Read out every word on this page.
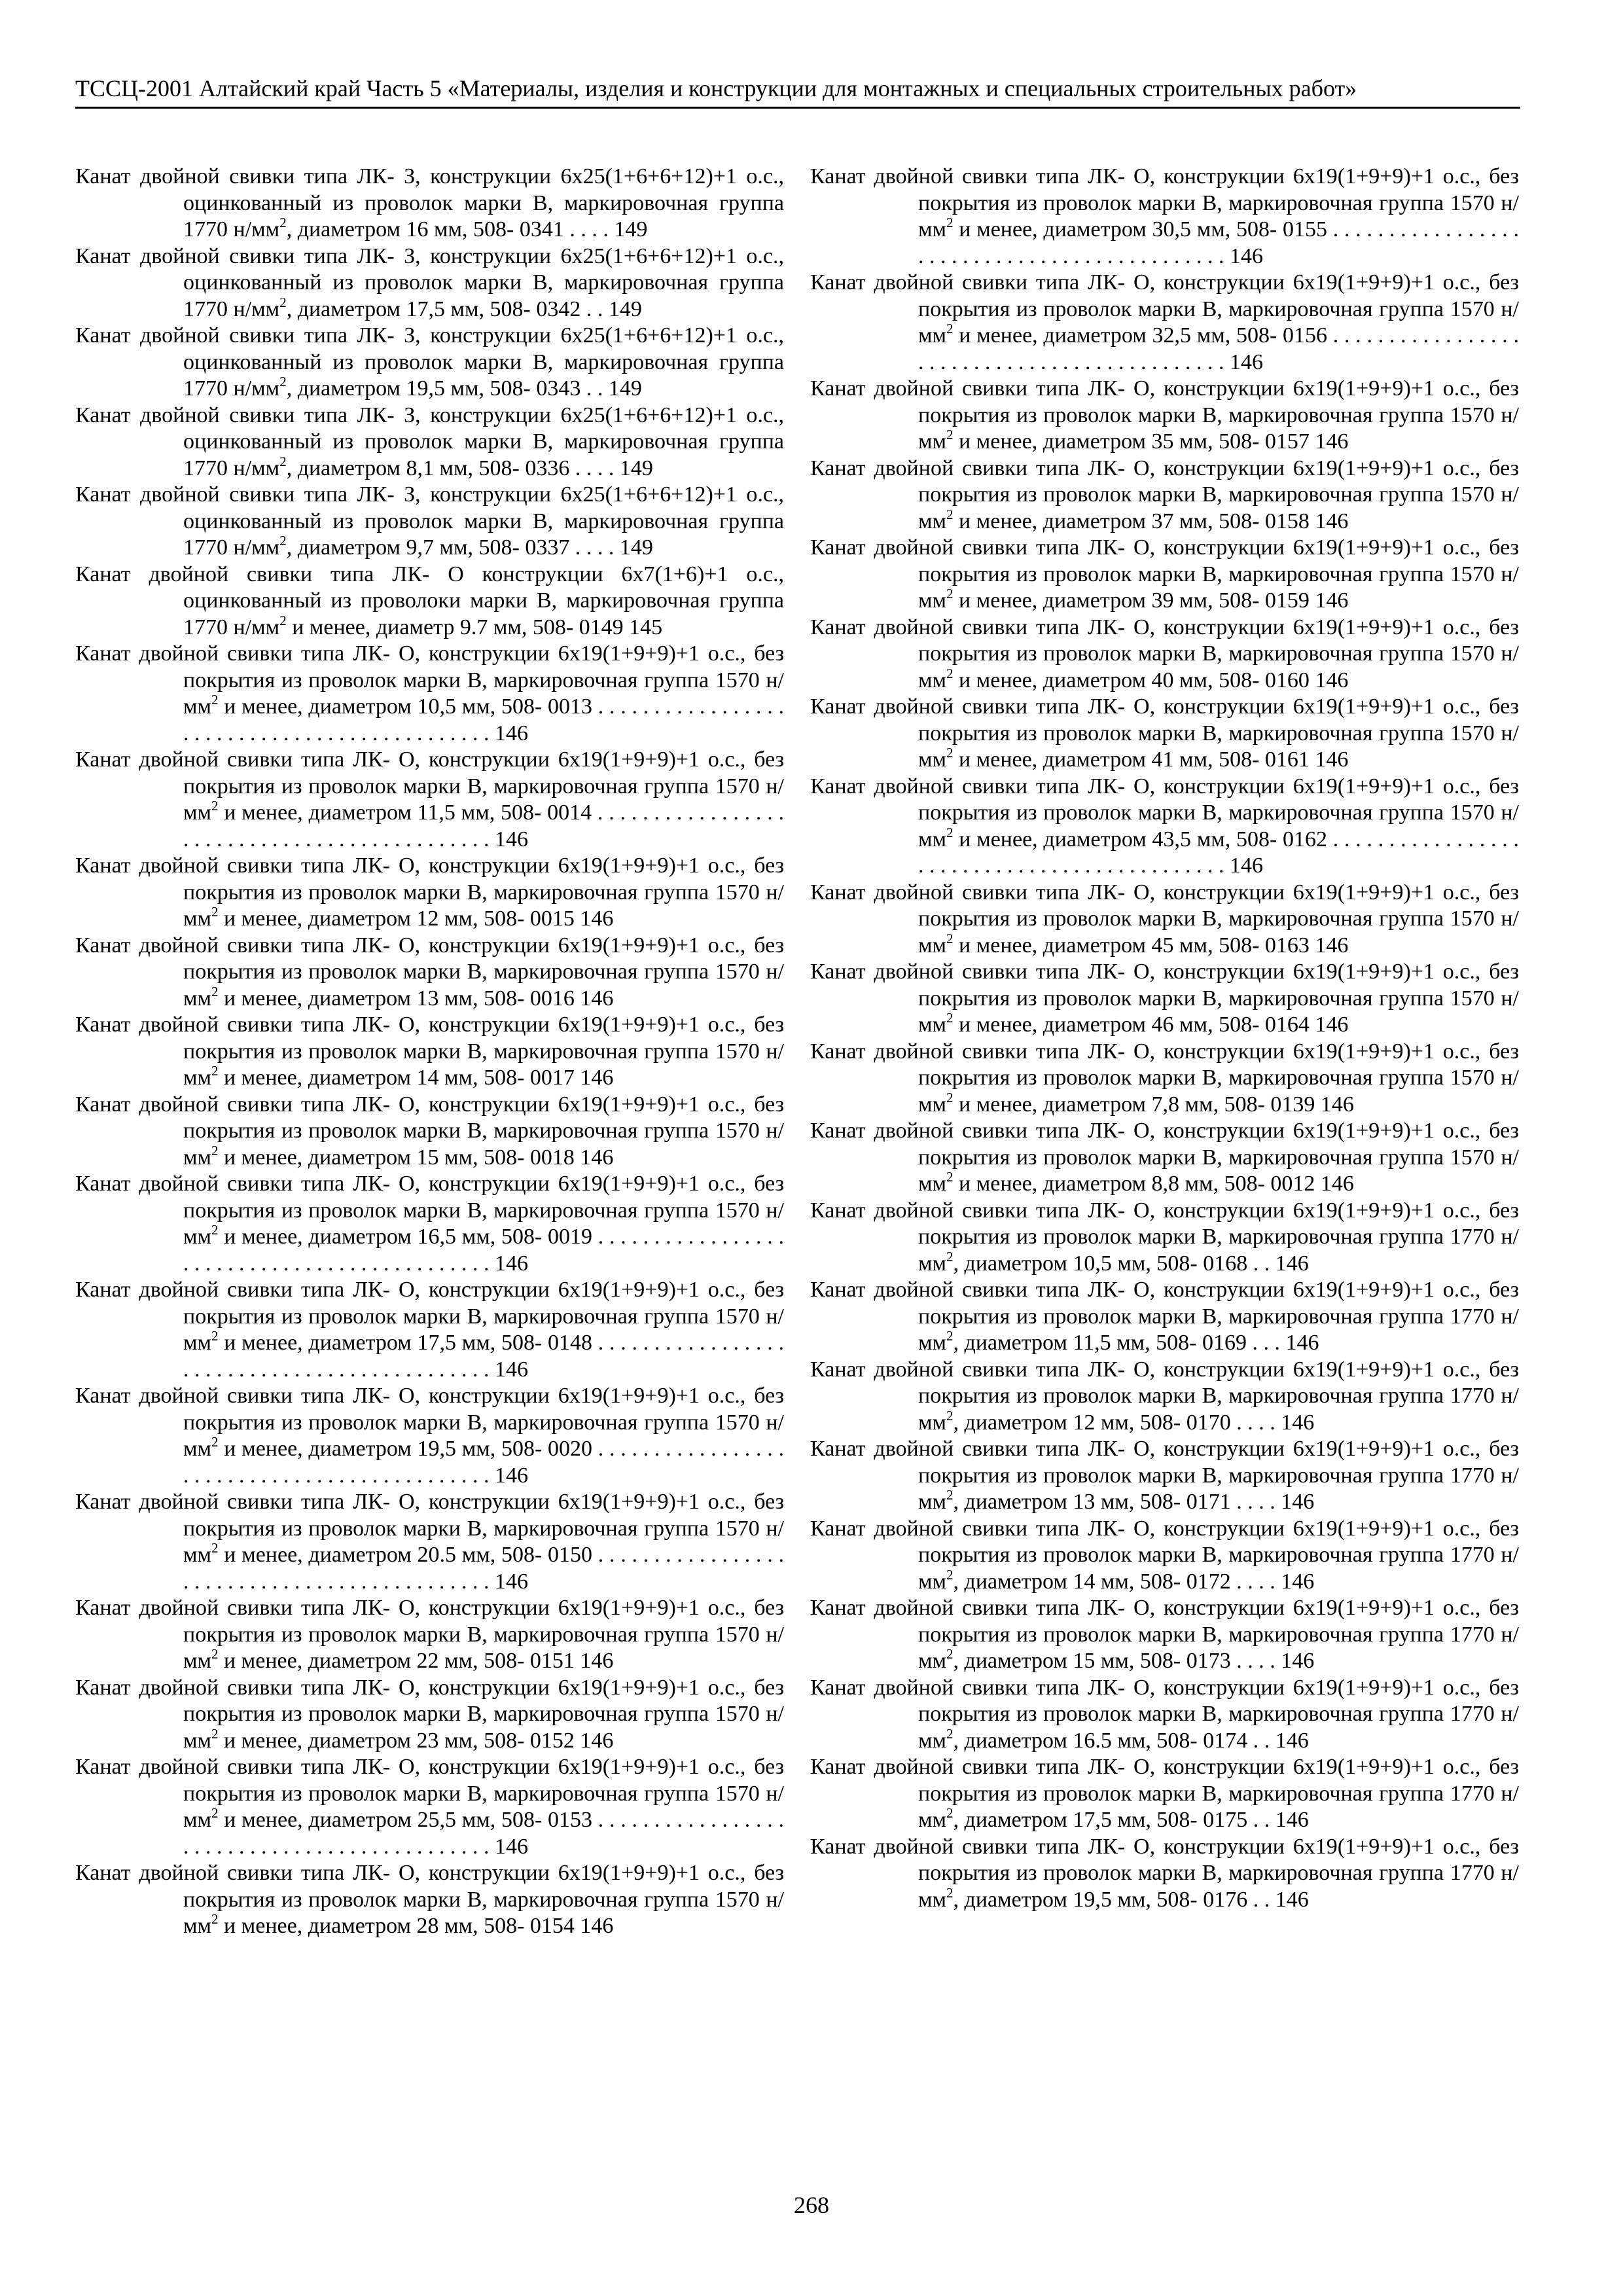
ТССЦ-2001 Алтайский край Часть 5 «Материалы, изделия и конструкции для монтажных и специальных строительных работ»
Канат двойной свивки типа ЛК- З, конструкции 6x25(1+6+6+12)+1 о.с., оцинкованный из проволок марки В, маркировочная группа 1770 $н/мм^2$, диаметром 16 мм, 508- 0341 . . . . 149
Канат двойной свивки типа ЛК- З, конструкции 6x25(1+6+6+12)+1 о.с., оцинкованный из проволок марки В, маркировочная группа 1770 $н/мм^2$, диаметром 17,5 мм, 508- 0342 . . 149
Канат двойной свивки типа ЛК- З, конструкции 6x25(1+6+6+12)+1 о.с., оцинкованный из проволок марки В, маркировочная группа 1770 $н/мм^2$, диаметром 19,5 мм, 508- 0343 . . 149
Канат двойной свивки типа ЛК- З, конструкции 6x25(1+6+6+12)+1 о.с., оцинкованный из проволок марки В, маркировочная группа 1770 $н/мм^2$, диаметром 8,1 мм, 508- 0336 . . . . 149
Канат двойной свивки типа ЛК- З, конструкции 6x25(1+6+6+12)+1 о.с., оцинкованный из проволок марки В, маркировочная группа 1770 $н/мм^2$, диаметром 9,7 мм, 508- 0337 . . . . 149
Канат двойной свивки типа ЛК- О конструкции 6x7(1+6)+1 о.с., оцинкованный из проволоки марки В, маркировочная группа 1770 $н/мм^2$ и менее, диаметр 9.7 мм, 508- 0149 145
Канат двойной свивки типа ЛК- О, конструкции 6x19(1+9+9)+1 о.с., без покрытия из проволок марки В, маркировочная группа 1570 $н/мм^2$ и менее, диаметром 10,5 мм, 508- 0013 . . . . . . . . . . . . . . . . . . . . . . . . . . . . . . . . . . . . . . . . . . . . . 146
Канат двойной свивки типа ЛК- О, конструкции 6x19(1+9+9)+1 о.с., без покрытия из проволок марки В, маркировочная группа 1570 $н/мм^2$ и менее, диаметром 11,5 мм, 508- 0014 . . . . . . . . . . . . . . . . . . . . . . . . . . . . . . . . . . . . . . . . . . . . . 146
Канат двойной свивки типа ЛК- О, конструкции 6x19(1+9+9)+1 о.с., без покрытия из проволок марки В, маркировочная группа 1570 $н/мм^2$ и менее, диаметром 12 мм, 508- 0015 146
Канат двойной свивки типа ЛК- О, конструкции 6x19(1+9+9)+1 о.с., без покрытия из проволок марки В, маркировочная группа 1570 $н/мм^2$ и менее, диаметром 13 мм, 508- 0016 146
Канат двойной свивки типа ЛК- О, конструкции 6x19(1+9+9)+1 о.с., без покрытия из проволок марки В, маркировочная группа 1570 $н/мм^2$ и менее, диаметром 14 мм, 508- 0017 146
Канат двойной свивки типа ЛК- О, конструкции 6x19(1+9+9)+1 о.с., без покрытия из проволок марки В, маркировочная группа 1570 $н/мм^2$ и менее, диаметром 15 мм, 508- 0018 146
Канат двойной свивки типа ЛК- О, конструкции 6x19(1+9+9)+1 о.с., без покрытия из проволок марки В, маркировочная группа 1570 $н/мм^2$ и менее, диаметром 16,5 мм, 508- 0019 . . . . . . . . . . . . . . . . . . . . . . . . . . . . . . . . . . . . . . . . . . . . . 146
Канат двойной свивки типа ЛК- О, конструкции 6x19(1+9+9)+1 о.с., без покрытия из проволок марки В, маркировочная группа 1570 $н/мм^2$ и менее, диаметром 17,5 мм, 508- 0148 . . . . . . . . . . . . . . . . . . . . . . . . . . . . . . . . . . . . . . . . . . . . . 146
Канат двойной свивки типа ЛК- О, конструкции 6x19(1+9+9)+1 о.с., без покрытия из проволок марки В, маркировочная группа 1570 $н/мм^2$ и менее, диаметром 19,5 мм, 508- 0020 . . . . . . . . . . . . . . . . . . . . . . . . . . . . . . . . . . . . . . . . . . . . . 146
Канат двойной свивки типа ЛК- О, конструкции 6x19(1+9+9)+1 о.с., без покрытия из проволок марки В, маркировочная группа 1570 $н/мм^2$ и менее, диаметром 20.5 мм, 508- 0150 . . . . . . . . . . . . . . . . . . . . . . . . . . . . . . . . . . . . . . . . . . . . . 146
Канат двойной свивки типа ЛК- О, конструкции 6x19(1+9+9)+1 о.с., без покрытия из проволок марки В, маркировочная группа 1570 $н/мм^2$ и менее, диаметром 22 мм, 508- 0151 146
Канат двойной свивки типа ЛК- О, конструкции 6x19(1+9+9)+1 о.с., без покрытия из проволок марки В, маркировочная группа 1570 $н/мм^2$ и менее, диаметром 23 мм, 508- 0152 146
Канат двойной свивки типа ЛК- О, конструкции 6x19(1+9+9)+1 о.с., без покрытия из проволок марки В, маркировочная группа 1570 $н/мм^2$ и менее, диаметром 25,5 мм, 508- 0153 . . . . . . . . . . . . . . . . . . . . . . . . . . . . . . . . . . . . . . . . . . . . . 146
Канат двойной свивки типа ЛК- О, конструкции 6x19(1+9+9)+1 о.с., без покрытия из проволок марки В, маркировочная группа 1570 $н/мм^2$ и менее, диаметром 28 мм, 508- 0154 146
Канат двойной свивки типа ЛК- О, конструкции 6x19(1+9+9)+1 о.с., без покрытия из проволок марки В, маркировочная группа 1570 $н/мм^2$ и менее, диаметром 30,5 мм, 508- 0155 . . . . . . . . . . . . . . . . . . . . . . . . . . . . . . . . . . . . . . . . . . . . . 146
Канат двойной свивки типа ЛК- О, конструкции 6x19(1+9+9)+1 о.с., без покрытия из проволок марки В, маркировочная группа 1570 $н/мм^2$ и менее, диаметром 32,5 мм, 508- 0156 . . . . . . . . . . . . . . . . . . . . . . . . . . . . . . . . . . . . . . . . . . . . . 146
Канат двойной свивки типа ЛК- О, конструкции 6x19(1+9+9)+1 о.с., без покрытия из проволок марки В, маркировочная группа 1570 $н/мм^2$ и менее, диаметром 35 мм, 508- 0157 146
Канат двойной свивки типа ЛК- О, конструкции 6x19(1+9+9)+1 о.с., без покрытия из проволок марки В, маркировочная группа 1570 $н/мм^2$ и менее, диаметром 37 мм, 508- 0158 146
Канат двойной свивки типа ЛК- О, конструкции 6x19(1+9+9)+1 о.с., без покрытия из проволок марки В, маркировочная группа 1570 $н/мм^2$ и менее, диаметром 39 мм, 508- 0159 146
Канат двойной свивки типа ЛК- О, конструкции 6x19(1+9+9)+1 о.с., без покрытия из проволок марки В, маркировочная группа 1570 $н/мм^2$ и менее, диаметром 40 мм, 508- 0160 146
Канат двойной свивки типа ЛК- О, конструкции 6x19(1+9+9)+1 о.с., без покрытия из проволок марки В, маркировочная группа 1570 $н/мм^2$ и менее, диаметром 41 мм, 508- 0161 146
Канат двойной свивки типа ЛК- О, конструкции 6x19(1+9+9)+1 о.с., без покрытия из проволок марки В, маркировочная группа 1570 $н/мм^2$ и менее, диаметром 43,5 мм, 508- 0162 . . . . . . . . . . . . . . . . . . . . . . . . . . . . . . . . . . . . . . . . . . . . . 146
Канат двойной свивки типа ЛК- О, конструкции 6x19(1+9+9)+1 о.с., без покрытия из проволок марки В, маркировочная группа 1570 $н/мм^2$ и менее, диаметром 45 мм, 508- 0163 146
Канат двойной свивки типа ЛК- О, конструкции 6x19(1+9+9)+1 о.с., без покрытия из проволок марки В, маркировочная группа 1570 $н/мм^2$ и менее, диаметром 46 мм, 508- 0164 146
Канат двойной свивки типа ЛК- О, конструкции 6x19(1+9+9)+1 о.с., без покрытия из проволок марки В, маркировочная группа 1570 $н/мм^2$ и менее, диаметром 7,8 мм, 508- 0139 146
Канат двойной свивки типа ЛК- О, конструкции 6x19(1+9+9)+1 о.с., без покрытия из проволок марки В, маркировочная группа 1570 $н/мм^2$ и менее, диаметром 8,8 мм, 508- 0012 146
Канат двойной свивки типа ЛК- О, конструкции 6x19(1+9+9)+1 о.с., без покрытия из проволок марки В, маркировочная группа 1770 $н/мм^2$, диаметром 10,5 мм, 508- 0168 . . 146
Канат двойной свивки типа ЛК- О, конструкции 6x19(1+9+9)+1 о.с., без покрытия из проволок марки В, маркировочная группа 1770 $н/мм^2$, диаметром 11,5 мм, 508- 0169 . . . 146
Канат двойной свивки типа ЛК- О, конструкции 6x19(1+9+9)+1 о.с., без покрытия из проволок марки В, маркировочная группа 1770 $н/мм^2$, диаметром 12 мм, 508- 0170 . . . . 146
Канат двойной свивки типа ЛК- О, конструкции 6x19(1+9+9)+1 о.с., без покрытия из проволок марки В, маркировочная группа 1770 $н/мм^2$, диаметром 13 мм, 508- 0171 . . . . 146
Канат двойной свивки типа ЛК- О, конструкции 6x19(1+9+9)+1 о.с., без покрытия из проволок марки В, маркировочная группа 1770 $н/мм^2$, диаметром 14 мм, 508- 0172 . . . . 146
Канат двойной свивки типа ЛК- О, конструкции 6x19(1+9+9)+1 о.с., без покрытия из проволок марки В, маркировочная группа 1770 $н/мм^2$, диаметром 15 мм, 508- 0173 . . . . 146
Канат двойной свивки типа ЛК- О, конструкции 6x19(1+9+9)+1 о.с., без покрытия из проволок марки В, маркировочная группа 1770 $н/мм^2$, диаметром 16.5 мм, 508- 0174 . . 146
Канат двойной свивки типа ЛК- О, конструкции 6x19(1+9+9)+1 о.с., без покрытия из проволок марки В, маркировочная группа 1770 $н/мм^2$, диаметром 17,5 мм, 508- 0175 . . 146
Канат двойной свивки типа ЛК- О, конструкции 6x19(1+9+9)+1 о.с., без покрытия из проволок марки В, маркировочная группа 1770 $н/мм^2$, диаметром 19,5 мм, 508- 0176 . . 146
268
